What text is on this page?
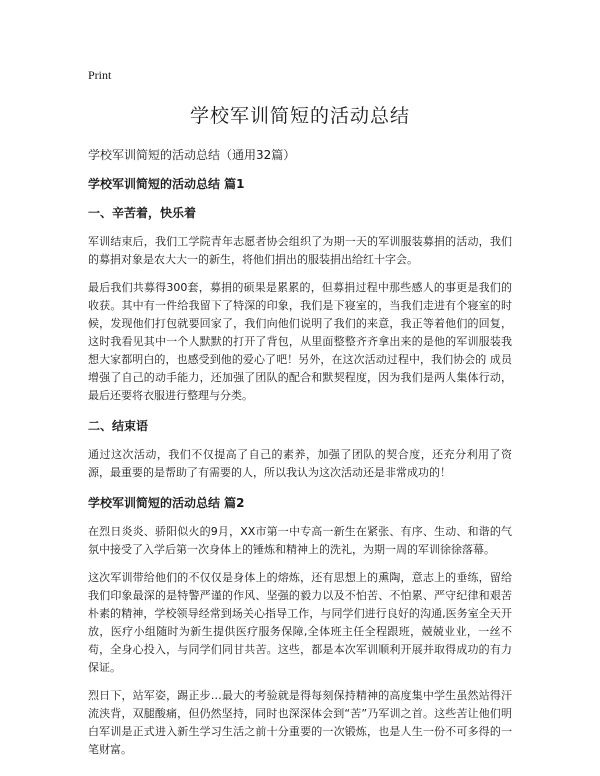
Print
学校军训简短的活动总结
学校军训简短的活动总结（通用32篇）
学校军训简短的活动总结 篇1
一、辛苦着，快乐着
军训结束后，我们工学院青年志愿者协会组织了为期一天的军训服装募捐的活动，我们的募捐对象是农大大一的新生，将他们捐出的服装捐出给红十字会。
最后我们共募得300套，募捐的硕果是累累的，但募捐过程中那些感人的事更是我们的收获。其中有一件给我留下了特深的印象，我们是下寝室的，当我们走进有个寝室的时候，发现他们打包就要回家了，我们向他们说明了我们的来意，我正等着他们的回复，这时我看见其中一个人默默的打开了背包，从里面整整齐齐拿出来的是他的军训服装我想大家都明白的，也感受到他的爱心了吧！另外，在这次活动过程中，我们协会的 成员增强了自己的动手能力，还加强了团队的配合和默契程度，因为我们是两人集体行动，最后还要将衣服进行整理与分类。
二、结束语
通过这次活动，我们不仅提高了自己的素养，加强了团队的契合度，还充分利用了资源，最重要的是帮助了有需要的人，所以我认为这次活动还是非常成功的！
学校军训简短的活动总结 篇2
在烈日炎炎、骄阳似火的9月，XX市第一中专高一新生在紧张、有序、生动、和谐的气氛中接受了入学后第一次身体上的锤炼和精神上的洗礼，为期一周的军训徐徐落幕。
这次军训带给他们的不仅仅是身体上的熔炼，还有思想上的熏陶，意志上的垂练，留给我们印象最深的是特警严谨的作风、坚强的毅力以及不怕苦、不怕累、严守纪律和艰苦朴素的精神，学校领导经常到场关心指导工作，与同学们进行良好的沟通,医务室全天开放，医疗小组随时为新生提供医疗服务保障,全体班主任全程跟班，兢兢业业，一丝不苟，全身心投入，与同学们同甘共苦。这些，都是本次军训顺利开展并取得成功的有力保证。
烈日下，站军姿，踢正步…最大的考验就是得每刻保持精神的高度集中学生虽然站得汗流浃背，双腿酸痛，但仍然坚持，同时也深深体会到“苦”乃军训之首。这些苦让他们明白军训是正式进入新生学习生活之前十分重要的一次锻炼，也是人生一份不可多得的一笔财富。
